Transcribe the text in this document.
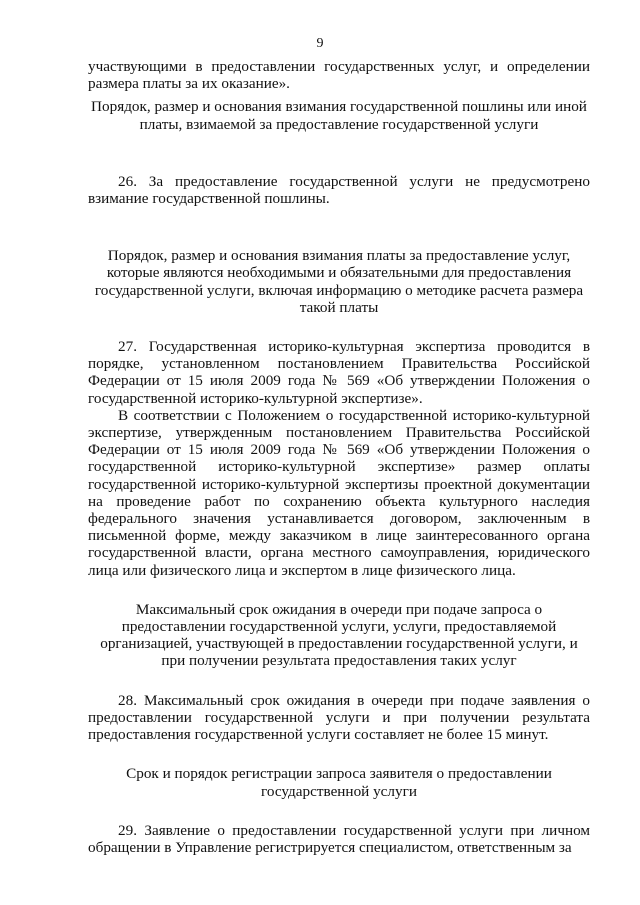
9

участвующими в предоставлении государственных услуг, и определении размера платы за их оказание».

Порядок, размер и основания взимания государственной пошлины или иной платы, взимаемой за предоставление государственной услуги

26. За предоставление государственной услуги не предусмотрено взимание государственной пошлины.

Порядок, размер и основания взимания платы за предоставление услуг, которые являются необходимыми и обязательными для предоставления государственной услуги, включая информацию о методике расчета размера такой платы

27. Государственная историко-культурная экспертиза проводится в порядке, установленном постановлением Правительства Российской Федерации от 15 июля 2009 года № 569 «Об утверждении Положения о государственной историко-культурной экспертизе».

В соответствии с Положением о государственной историко-культурной экспертизе, утвержденным постановлением Правительства Российской Федерации от 15 июля 2009 года № 569 «Об утверждении Положения о государственной историко-культурной экспертизе» размер оплаты государственной историко-культурной экспертизы проектной документации на проведение работ по сохранению объекта культурного наследия федерального значения устанавливается договором, заключенным в письменной форме, между заказчиком в лице заинтересованного органа государственной власти, органа местного самоуправления, юридического лица или физического лица и экспертом в лице физического лица.

Максимальный срок ожидания в очереди при подаче запроса о предоставлении государственной услуги, услуги, предоставляемой организацией, участвующей в предоставлении государственной услуги, и при получении результата предоставления таких услуг

28. Максимальный срок ожидания в очереди при подаче заявления о предоставлении государственной услуги и при получении результата предоставления государственной услуги составляет не более 15 минут.

Срок и порядок регистрации запроса заявителя о предоставлении государственной услуги

29. Заявление о предоставлении государственной услуги при личном обращении в Управление регистрируется специалистом, ответственным за
